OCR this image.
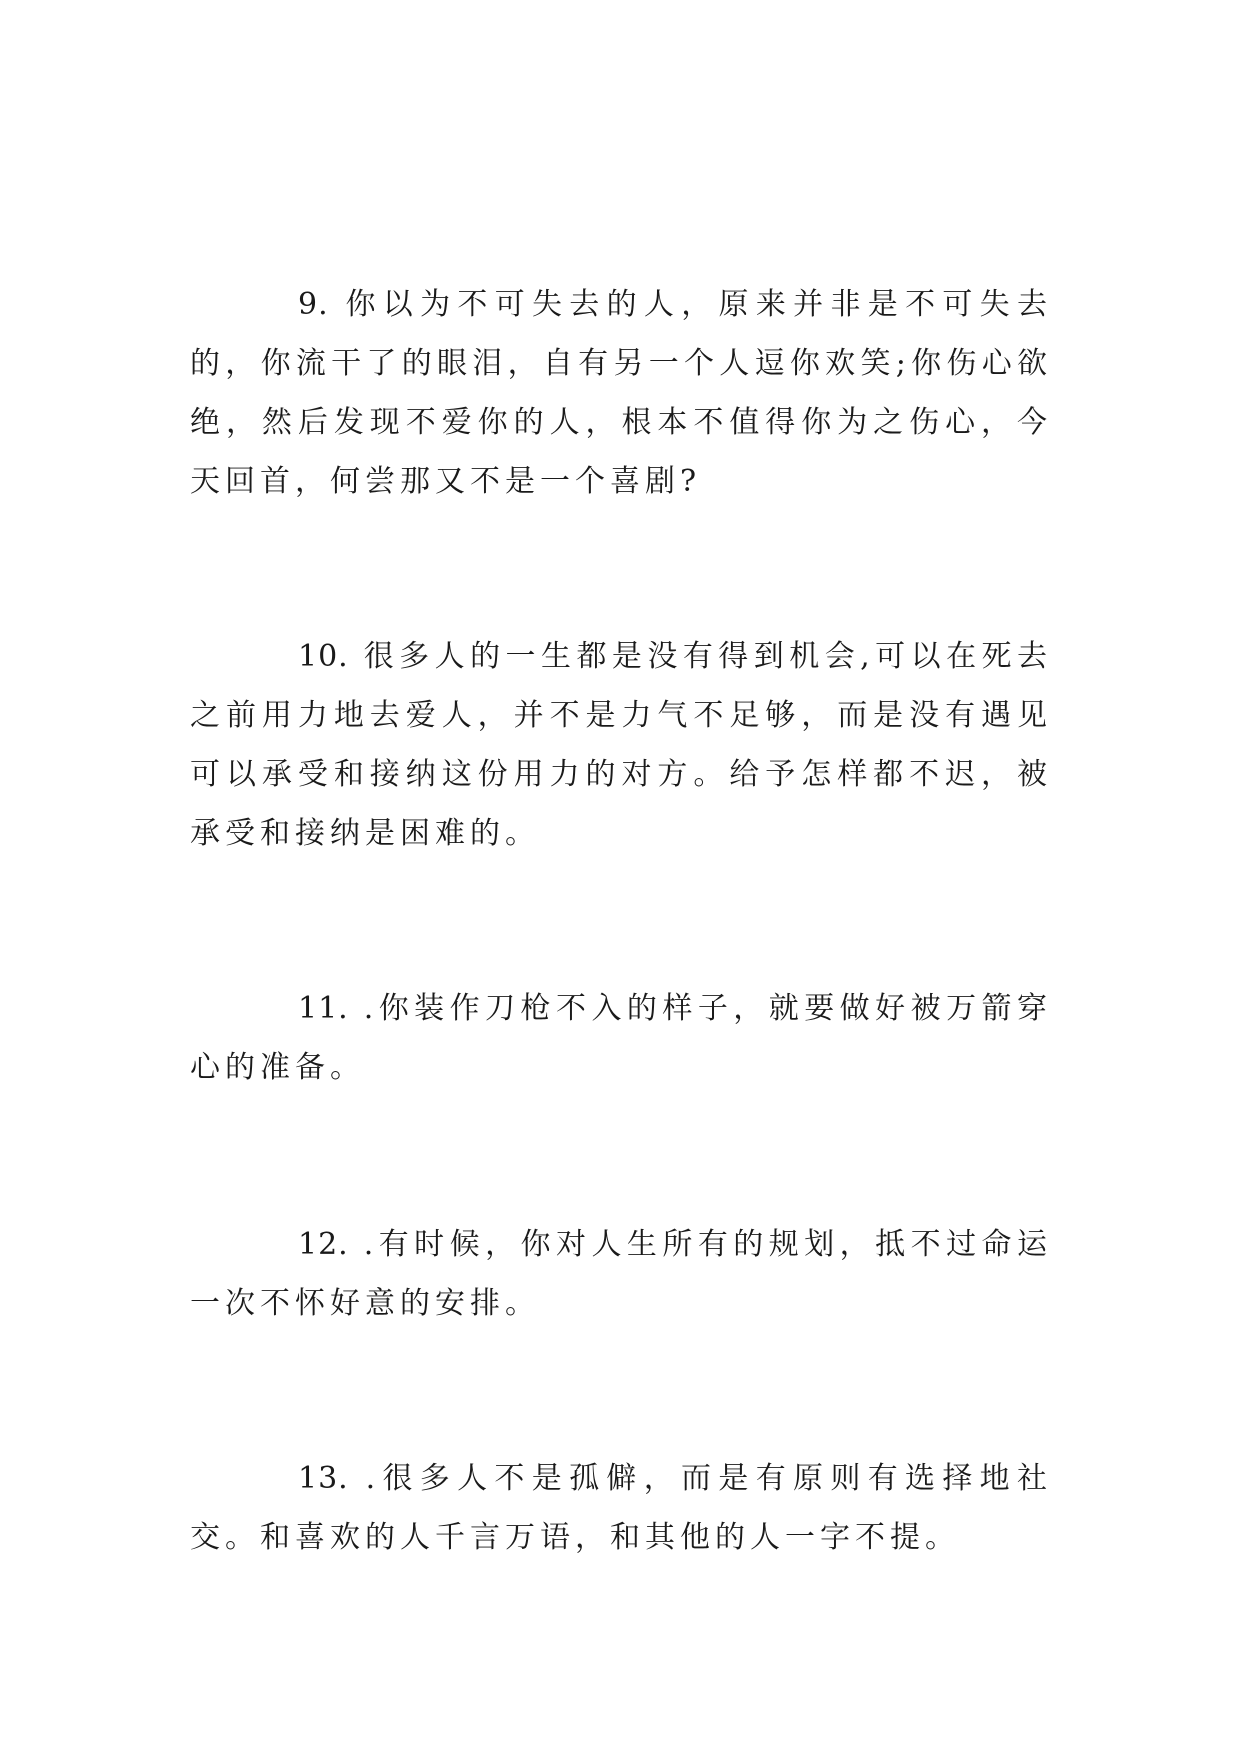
9. 你以为不可失去的人，原来并非是不可失去的，你流干了的眼泪，自有另一个人逗你欢笑;你伤心欲绝，然后发现不爱你的人，根本不值得你为之伤心，今天回首，何尝那又不是一个喜剧?

10. 很多人的一生都是没有得到机会,可以在死去之前用力地去爱人，并不是力气不足够，而是没有遇见可以承受和接纳这份用力的对方。给予怎样都不迟，被承受和接纳是困难的。

11. .你装作刀枪不入的样子，就要做好被万箭穿心的准备。

12. .有时候，你对人生所有的规划，抵不过命运一次不怀好意的安排。

13. .很多人不是孤僻，而是有原则有选择地社交。和喜欢的人千言万语，和其他的人一字不提。
